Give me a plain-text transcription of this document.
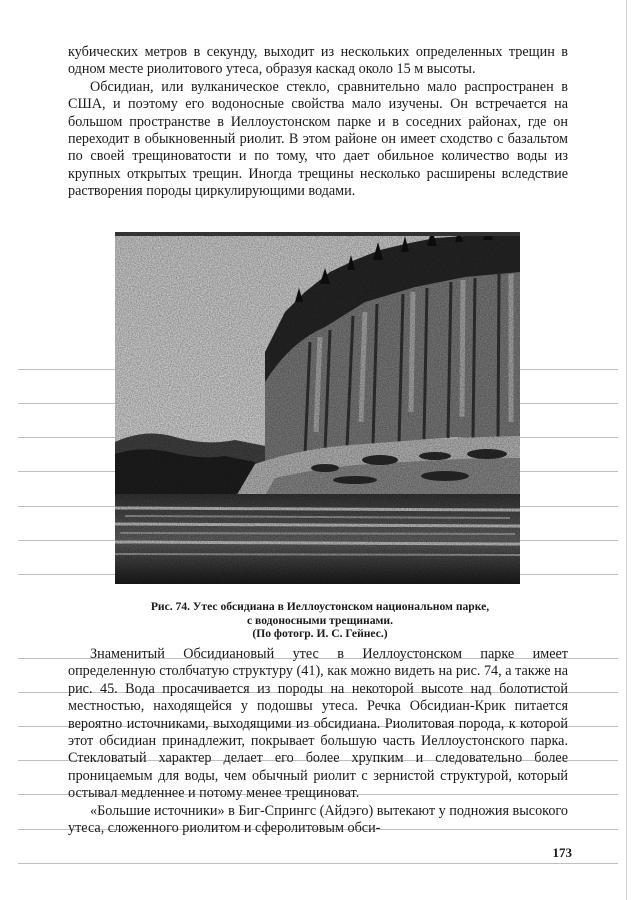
кубических метров в секунду, выходит из нескольких определенных трещин в одном месте риолитового утеса, образуя каскад около 15 м высоты.

Обсидиан, или вулканическое стекло, сравнительно мало распространен в США, и поэтому его водоносные свойства мало изучены. Он встречается на большом пространстве в Иеллоустонском парке и в соседних районах, где он переходит в обыкновенный риолит. В этом районе он имеет сходство с базальтом по своей трещиноватости и по тому, что дает обильное количество воды из крупных открытых трещин. Иногда трещины несколько расширены вследствие растворения породы циркулирующими водами.

Рис. 74. Утес обсидиана в Иеллоустонском национальном парке,
с водоносными трещинами.
(По фотогр. И. С. Гейнес.)

Знаменитый Обсидиановый утес в Иеллоустонском парке имеет определенную столбчатую структуру (41), как можно видеть на рис. 74, а также на рис. 45. Вода просачивается из породы на некоторой высоте над болотистой местностью, находящейся у подошвы утеса. Речка Обсидиан-Крик питается вероятно источниками, выходящими из обсидиана. Риолитовая порода, к которой этот обсидиан принадлежит, покрывает большую часть Иеллоустонского парка. Стекловатый характер делает его более хрупким и следовательно более проницаемым для воды, чем обычный риолит с зернистой структурой, который остывал медленнее и потому менее трещиноват.

«Большие источники» в Биг-Спрингс (Айдэго) вытекают у подножия высокого утеса, сложенного риолитом и сферолитовым обси-

173
